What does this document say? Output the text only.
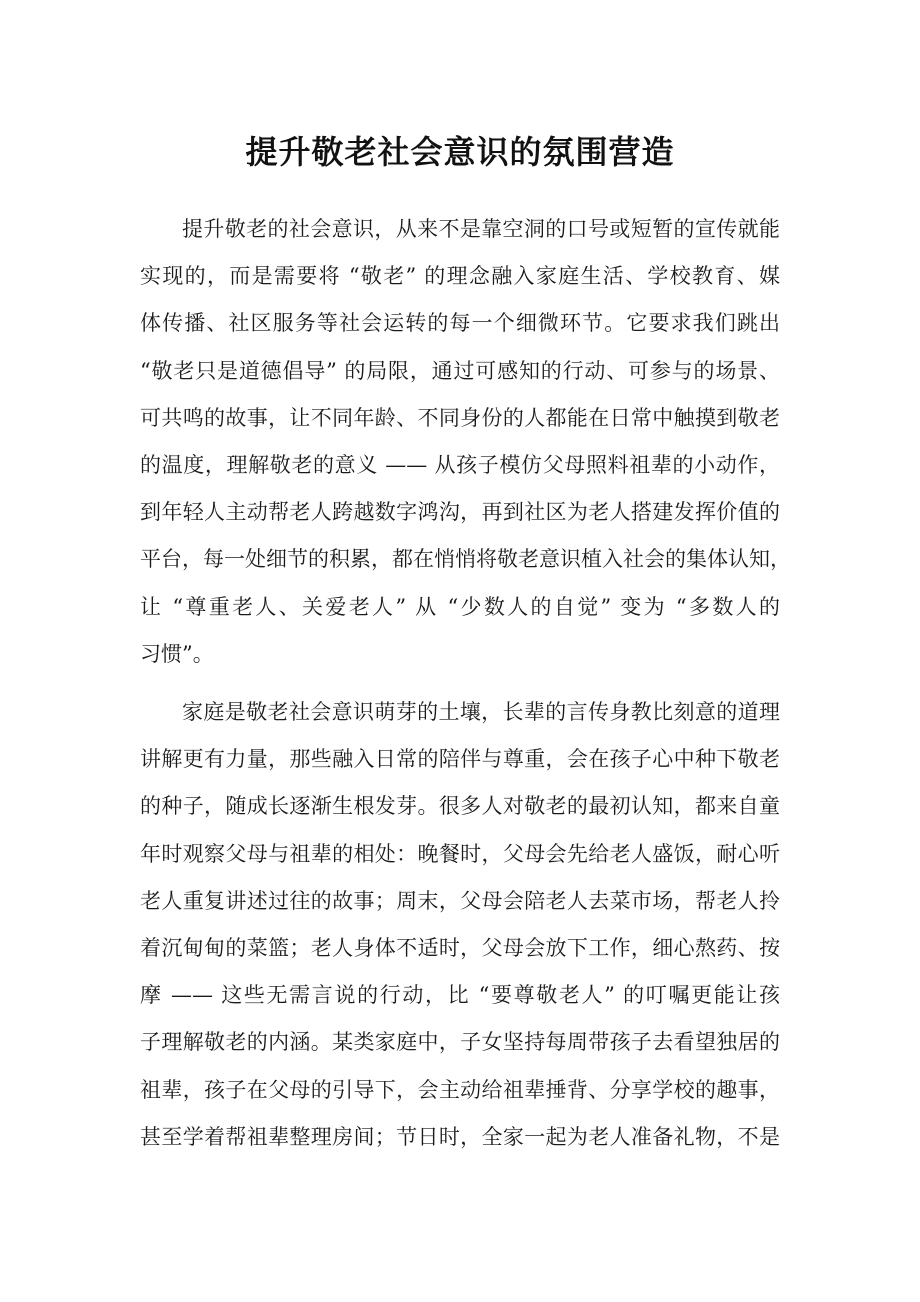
提升敬老社会意识的氛围营造
提升敬老的社会意识，从来不是靠空洞的口号或短暂的宣传就能
实现的，而是需要将 “敬老” 的理念融入家庭生活、学校教育、媒
体传播、社区服务等社会运转的每一个细微环节。它要求我们跳出
“敬老只是道德倡导” 的局限，通过可感知的行动、可参与的场景、
可共鸣的故事，让不同年龄、不同身份的人都能在日常中触摸到敬老
的温度，理解敬老的意义 —— 从孩子模仿父母照料祖辈的小动作，
到年轻人主动帮老人跨越数字鸿沟，再到社区为老人搭建发挥价值的
平台，每一处细节的积累，都在悄悄将敬老意识植入社会的集体认知，
让 “尊重老人、关爱老人” 从 “少数人的自觉” 变为 “多数人的
习惯”。
家庭是敬老社会意识萌芽的土壤，长辈的言传身教比刻意的道理
讲解更有力量，那些融入日常的陪伴与尊重，会在孩子心中种下敬老
的种子，随成长逐渐生根发芽。很多人对敬老的最初认知，都来自童
年时观察父母与祖辈的相处：晚餐时，父母会先给老人盛饭，耐心听
老人重复讲述过往的故事；周末，父母会陪老人去菜市场，帮老人拎
着沉甸甸的菜篮；老人身体不适时，父母会放下工作，细心熬药、按
摩 —— 这些无需言说的行动，比 “要尊敬老人” 的叮嘱更能让孩
子理解敬老的内涵。某类家庭中，子女坚持每周带孩子去看望独居的
祖辈，孩子在父母的引导下，会主动给祖辈捶背、分享学校的趣事，
甚至学着帮祖辈整理房间；节日时，全家一起为老人准备礼物，不是
